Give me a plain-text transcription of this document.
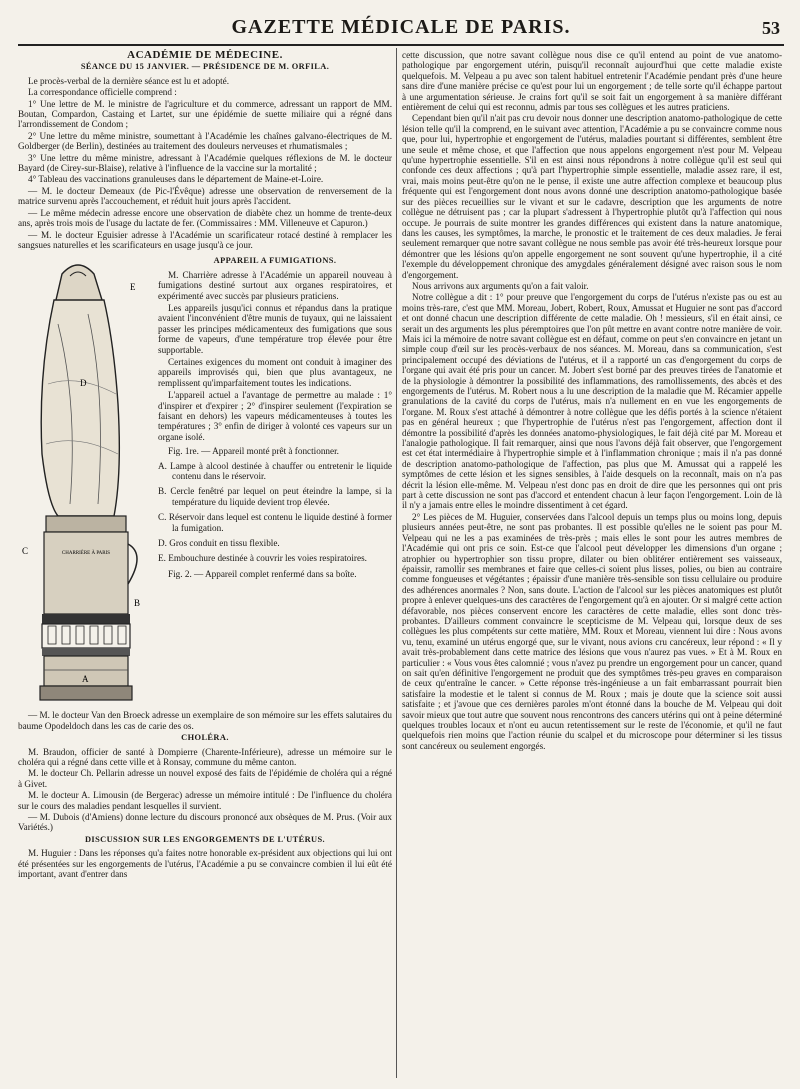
GAZETTE MÉDICALE DE PARIS.	53
ACADÉMIE DE MÉDECINE.
SÉANCE DU 15 JANVIER. — PRÉSIDENCE DE M. ORFILA.

Le procès-verbal de la dernière séance est lu et adopté.

La correspondance officielle comprend :

1° Une lettre de M. le ministre de l'agriculture et du commerce, adressant un rapport de MM. Boutan, Compardon, Castaing et Lartet, sur une épidémie de suette miliaire qui a régné dans l'arrondissement de Condom ;

2° Une lettre du même ministre, soumettant à l'Académie les chaînes galvano-électriques de M. Goldberger (de Berlin), destinées au traitement des douleurs nerveuses et rhumatismales ;

3° Une lettre du même ministre, adressant à l'Académie quelques réflexions de M. le docteur Bayard (de Cirey-sur-Blaise), relative à l'influence de la vaccine sur la mortalité ;

4° Tableau des vaccinations granuleuses dans le département de Maine-et-Loire.

— M. le docteur Demeaux (de Pic-l'Évêque) adresse une observation de renversement de la matrice survenu après l'accouchement, et réduit huit jours après l'accident.

— Le même médecin adresse encore une observation de diabète chez un homme de trente-deux ans, après trois mois de l'usage du lactate de fer. (Commissaires : MM. Villeneuve et Capuron.)

— M. le docteur Eguisier adresse à l'Académie un scarificateur rotacé destiné à remplacer les sangsues naturelles et les scarificateurs en usage jusqu'à ce jour.

CHARRIÈRE À PARIS
E
D
C
B
A
APPAREIL A FUMIGATIONS.

M. Charrière adresse à l'Académie un appareil nouveau à fumigations destiné surtout aux organes respiratoires, et expérimenté avec succès par plusieurs praticiens.

Les appareils jusqu'ici connus et répandus dans la pratique avaient l'inconvénient d'être munis de tuyaux, qui ne laissaient passer les principes médicamenteux des fumigations que sous forme de vapeurs, d'une température trop élevée pour être supportable.

Certaines exigences du moment ont conduit à imaginer des appareils improvisés qui, bien que plus avantageux, ne remplissent qu'imparfaitement toutes les indications.

L'appareil actuel a l'avantage de permettre au malade : 1° d'inspirer et d'expirer ; 2° d'inspirer seulement (l'expiration se faisant en dehors) les vapeurs médicamenteuses à toutes les températures ; 3° enfin de diriger à volonté ces vapeurs sur un organe isolé.

Fig. 1re. — Appareil monté prêt à fonctionner.

A. Lampe à alcool destinée à chauffer ou entretenir le liquide contenu dans le réservoir.
B. Cercle fenêtré par lequel on peut éteindre la lampe, si la température du liquide devient trop élevée.
C. Réservoir dans lequel est contenu le liquide destiné à former la fumigation.
D. Gros conduit en tissu flexible.
E. Embouchure destinée à couvrir les voies respiratoires.

Fig. 2. — Appareil complet renfermé dans sa boîte.

— M. le docteur Van den Broeck adresse un exemplaire de son mémoire sur les effets salutaires du baume Opodeldoch dans les cas de carie des os.

CHOLÉRA.

M. Braudon, officier de santé à Dompierre (Charente-Inférieure), adresse un mémoire sur le choléra qui a régné dans cette ville et à Ronsay, commune du même canton.

M. le docteur Ch. Pellarin adresse un nouvel exposé des faits de l'épidémie de choléra qui a régné à Givet.

M. le docteur A. Limousin (de Bergerac) adresse un mémoire intitulé : De l'influence du choléra sur le cours des maladies pendant lesquelles il survient.

— M. Dubois (d'Amiens) donne lecture du discours prononcé aux obsèques de M. Prus. (Voir aux Variétés.)

DISCUSSION SUR LES ENGORGEMENTS DE L'UTÉRUS.

M. Huguier : Dans les réponses qu'a faites notre honorable ex-président aux objections qui lui ont été présentées sur les engorgements de l'utérus, l'Académie a pu se convaincre combien il lui eût été important, avant d'entrer dans

cette discussion, que notre savant collègue nous dise ce qu'il entend au point de vue anatomo-pathologique par engorgement utérin, puisqu'il reconnaît aujourd'hui que cette maladie existe quelquefois. M. Velpeau a pu avec son talent habituel entretenir l'Académie pendant près d'une heure sans dire d'une manière précise ce qu'est pour lui un engorgement ; de telle sorte qu'il échappe partout à une argumentation sérieuse. Je crains fort qu'il se soit fait un engorgement à sa manière différant entièrement de celui qui est reconnu, admis par tous ses collègues et les autres praticiens.

Cependant bien qu'il n'ait pas cru devoir nous donner une description anatomo-pathologique de cette lésion telle qu'il la comprend, en le suivant avec attention, l'Académie a pu se convaincre comme nous que, pour lui, hypertrophie et engorgement de l'utérus, maladies pourtant si différentes, semblent être une seule et même chose, et que l'affection que nous appelons engorgement n'est pour M. Velpeau qu'une hypertrophie essentielle. S'il en est ainsi nous répondrons à notre collègue qu'il est seul qui confonde ces deux affections ; qu'à part l'hypertrophie simple essentielle, maladie assez rare, il est, vrai, mais moins peut-être qu'on ne le pense, il existe une autre affection complexe et beaucoup plus fréquente qui est l'engorgement dont nous avons donné une description anatomo-pathologique basée sur des pièces recueillies sur le vivant et sur le cadavre, description que les arguments de notre collègue ne détruisent pas ; car la plupart s'adressent à l'hypertrophie plutôt qu'à l'affection qui nous occupe. Je pourrais de suite montrer les grandes différences qui existent dans la nature anatomique, dans les causes, les symptômes, la marche, le pronostic et le traitement de ces deux maladies. Je ferai seulement remarquer que notre savant collègue ne nous semble pas avoir été très-heureux lorsque pour démontrer que les lésions qu'on appelle engorgement ne sont souvent qu'une hypertrophie, il a cité l'exemple du développement chronique des amygdales généralement désigné avec raison sous le nom d'engorgement.

Nous arrivons aux arguments qu'on a fait valoir.

Notre collègue a dit : 1° pour preuve que l'engorgement du corps de l'utérus n'existe pas ou est au moins très-rare, c'est que MM. Moreau, Jobert, Robert, Roux, Amussat et Huguier ne sont pas d'accord et ont donné chacun une description différente de cette maladie. Oh ! messieurs, s'il en était ainsi, ce serait un des arguments les plus péremptoires que l'on pût mettre en avant contre notre manière de voir. Mais ici la mémoire de notre savant collègue est en défaut, comme on peut s'en convaincre en jetant un simple coup d'œil sur les procès-verbaux de nos séances. M. Moreau, dans sa communication, s'est principalement occupé des déviations de l'utérus, et il a rapporté un cas d'engorgement du corps de l'organe qui avait été pris pour un cancer. M. Jobert s'est borné par des preuves tirées de l'anatomie et de la physiologie à démontrer la possibilité des inflammations, des ramollissements, des abcès et des engorgements de l'utérus. M. Robert nous a lu une description de la maladie que M. Récamier appelle granulations de la cavité du corps de l'utérus, mais n'a nullement en en vue les engorgements de l'organe. M. Roux s'est attaché à démontrer à notre collègue que les défis portés à la science n'étaient pas en général heureux ; que l'hypertrophie de l'utérus n'est pas l'engorgement, affection dont il démontre la possibilité d'après les données anatomo-physiologiques, le fait déjà cité par M. Moreau et l'analogie pathologique. Il fait remarquer, ainsi que nous l'avons déjà fait observer, que l'engorgement est cet état intermédiaire à l'hypertrophie simple et à l'inflammation chronique ; mais il n'a pas donné de description anatomo-pathologique de l'affection, pas plus que M. Amussat qui a rappelé les symptômes de cette lésion et les signes sensibles, à l'aide desquels on la reconnaît, mais on n'a pas décrit la lésion elle-même. M. Velpeau n'est donc pas en droit de dire que les personnes qui ont pris part à cette discussion ne sont pas d'accord et entendent chacun à leur façon l'engorgement. Loin de là il n'y a jamais entre elles le moindre dissentiment à cet égard.

2° Les pièces de M. Huguier, conservées dans l'alcool depuis un temps plus ou moins long, depuis plusieurs années peut-être, ne sont pas probantes. Il est possible qu'elles ne le soient pas pour M. Velpeau qui ne les a pas examinées de très-près ; mais elles le sont pour les autres membres de l'Académie qui ont pris ce soin. Est-ce que l'alcool peut développer les dimensions d'un organe ; atrophier ou hypertrophier son tissu propre, dilater ou bien oblitérer entièrement ses vaisseaux, épaissir, ramollir ses membranes et faire que celles-ci soient plus lisses, polies, ou bien au contraire comme fongueuses et végétantes ; épaissir d'une manière très-sensible son tissu cellulaire ou produire des adhérences anormales ? Non, sans doute. L'action de l'alcool sur les pièces anatomiques est plutôt propre à enlever quelques-uns des caractères de l'engorgement qu'à en ajouter. Or si malgré cette action défavorable, nos pièces conservent encore les caractères de cette maladie, elles sont donc très-probantes. D'ailleurs comment convaincre le scepticisme de M. Velpeau qui, lorsque deux de ses collègues les plus compétents sur cette matière, MM. Roux et Moreau, viennent lui dire : Nous avons vu, tenu, examiné un utérus engorgé que, sur le vivant, nous avions cru cancéreux, leur répond : « Il y avait très-probablement dans cette matrice des lésions que vous n'aurez pas vues. » Et à M. Roux en particulier : « Vous vous êtes calomnié ; vous n'avez pu prendre un engorgement pour un cancer, quand on sait qu'en définitive l'engorgement ne produit que des symptômes très-peu graves en comparaison de ceux qu'entraîne le cancer. » Cette réponse très-ingénieuse a un fait embarrassant pourrait bien satisfaire la modestie et le talent si connus de M. Roux ; mais je doute que la science soit aussi satisfaite ; et j'avoue que ces dernières paroles m'ont étonné dans la bouche de M. Velpeau qui doit savoir mieux que tout autre que souvent nous rencontrons des cancers utérins qui ont à peine déterminé quelques troubles locaux et n'ont eu aucun retentissement sur le reste de l'économie, et qu'il ne faut quelquefois rien moins que l'action réunie du scalpel et du microscope pour déterminer si les tissus sont cancéreux ou seulement engorgés.
